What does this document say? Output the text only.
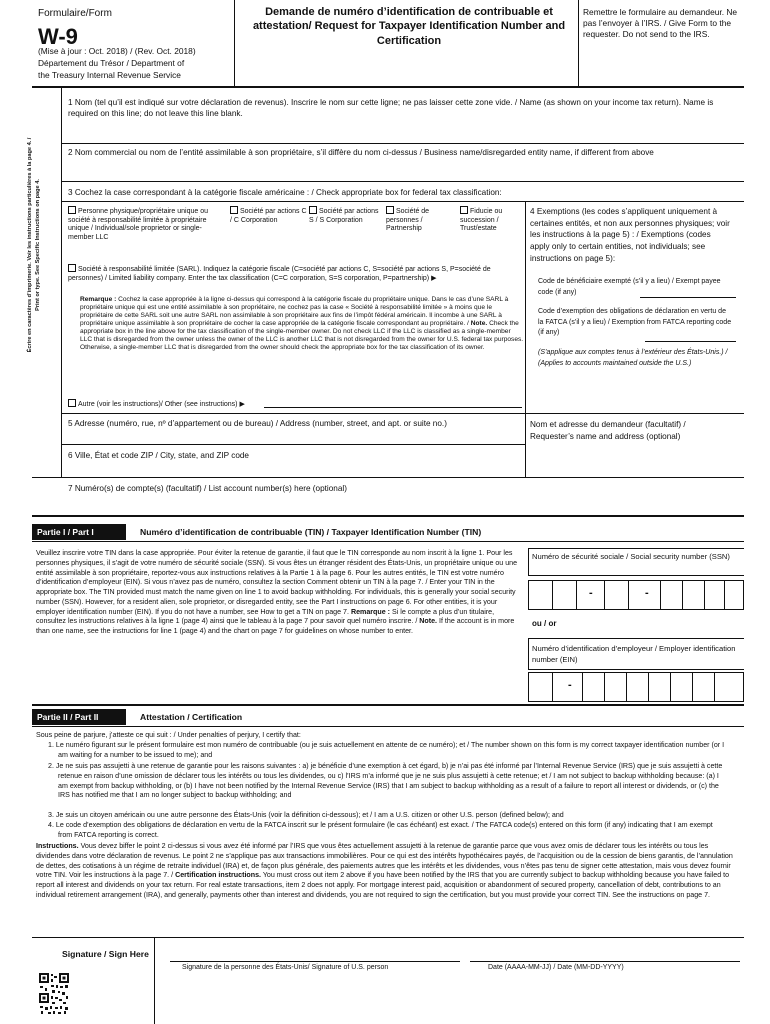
Formulaire/Form
W-9
(Mise à jour : Oct. 2018) / (Rev. Oct. 2018)
Département du Trésor / Department of
the Treasury Internal Revenue Service
Demande de numéro d’identification de contribuable et attestation/ Request for Taxpayer Identification Number and Certification
Remettre le formulaire au demandeur. Ne pas l’envoyer à l’IRS. / Give Form to the requester. Do not send to the IRS.
Écrire en caractères d’imprimerie. Voir les instructions particulières à la page 4. / Print or type. See Specific Instructions on page 4.
1 Nom (tel qu’il est indiqué sur votre déclaration de revenus). Inscrire le nom sur cette ligne; ne pas laisser cette zone vide. / Name (as shown on your income tax return). Name is required on this line; do not leave this line blank.
2 Nom commercial ou nom de l’entité assimilable à son propriétaire, s’il diffère du nom ci-dessus / Business name/disregarded entity name, if different from above
3 Cochez la case correspondant à la catégorie fiscale américaine : / Check appropriate box for federal tax classification:
Personne physique/propriétaire unique ou société à responsabilité limitée à propriétaire unique / Individual/sole proprietor or single-member LLC
Société par actions C / C Corporation
Société par actions S / S Corporation
Société de personnes / Partnership
Fiducie ou succession / Trust/estate
Société à responsabilité limitée (SARL). Indiquez la catégorie fiscale (C=société par actions C, S=société par actions S, P=société de personnes) / Limited liability company. Enter the tax classification (C=C corporation, S=S corporation, P=partnership) ▶
Remarque : Cochez la case appropriée à la ligne ci-dessus qui correspond à la catégorie fiscale du propriétaire unique. Dans le cas d’une SARL à propriétaire unique qui est une entité assimilable à son propriétaire, ne cochez pas la case « Société à responsabilité limitée » à moins que le propriétaire de cette SARL soit une autre SARL non assimilable à son propriétaire aux fins de l’impôt fédéral américain. Il incombe à une SARL à propriétaire unique assimilable à son propriétaire de cocher la case appropriée de la catégorie fiscale correspondant au propriétaire. / Note. Check the appropriate box in the line above for the tax classification of the single-member owner. Do not check LLC if the LLC is classified as a single-member LLC that is disregarded from the owner unless the owner of the LLC is another LLC that is not disregarded from the owner for U.S. federal tax purposes. Otherwise, a single-member LLC that is disregarded from the owner should check the appropriate box for the tax classification of its owner.
Autre (voir les instructions)/ Other (see instructions) ▶
4 Exemptions (les codes s’appliquent uniquement à certaines entités, et non aux personnes physiques; voir les instructions à la page 5) : / Exemptions (codes apply only to certain entities, not individuals; see instructions on page 5):
Code de bénéficiaire exempté (s’il y a lieu) / Exempt payee code (if any)
Code d’exemption des obligations de déclaration en vertu de la FATCA (s’il y a lieu) / Exemption from FATCA reporting code (if any)
(S’applique aux comptes tenus à l’extérieur des États-Unis.) / (Applies to accounts maintained outside the U.S.)
5 Adresse (numéro, rue, nº d’appartement ou de bureau) / Address (number, street, and apt. or suite no.)	Nom et adresse du demandeur (facultatif) / Requester’s name and address (optional)
6 Ville, État et code ZIP / City, state, and ZIP code
7 Numéro(s) de compte(s) (facultatif) / List account number(s) here (optional)
Partie I / Part I	Numéro d’identification de contribuable (TIN) / Taxpayer Identification Number (TIN)
Veuillez inscrire votre TIN dans la case appropriée. Pour éviter la retenue de garantie, il faut que le TIN corresponde au nom inscrit à la ligne 1. Pour les personnes physiques, il s’agit de votre numéro de sécurité sociale (SSN). Si vous êtes un étranger résident des États-Unis, un propriétaire unique ou une entité assimilable à son propriétaire, reportez-vous aux instructions relatives à la Partie 1 à la page 6. Pour les autres entités, le TIN est votre numéro d’identification d’employeur (EIN). Si vous n’avez pas de numéro, consultez la section Comment obtenir un TIN à la page 7. / Enter your TIN in the appropriate box. The TIN provided must match the name given on line 1 to avoid backup withholding. For individuals, this is generally your social security number (SSN). However, for a resident alien, sole proprietor, or disregarded entity, see the Part I instructions on page 6. For other entities, it is your employer identification number (EIN). If you do not have a number, see How to get a TIN on page 7. Remarque : Si le compte a plus d’un titulaire, consultez les instructions relatives à la ligne 1 (page 4) ainsi que le tableau à la page 7 pour savoir quel numéro inscrire. / Note. If the account is in more than one name, see the instructions for line 1 (page 4) and the chart on page 7 for guidelines on whose number to enter.
Numéro de sécurité sociale / Social security number (SSN)
-	-
ou / or
Numéro d’identification d’employeur / Employer identification number (EIN)
-
Partie II / Part II	Attestation / Certification
Sous peine de parjure, j’atteste ce qui suit : / Under penalties of perjury, I certify that:
1. Le numéro figurant sur le présent formulaire est mon numéro de contribuable (ou je suis actuellement en attente de ce numéro); et / The number shown on this form is my correct taxpayer identification number (or I am waiting for a number to be issued to me); and
2. Je ne suis pas assujetti à une retenue de garantie pour les raisons suivantes : a) je bénéficie d’une exemption à cet égard, b) je n’ai pas été informé par l’Internal Revenue Service (IRS) que je suis assujetti à cette retenue en raison d’une omission de déclarer tous les intérêts ou tous les dividendes, ou c) l’IRS m’a informé que je ne suis plus assujetti à cette retenue; et / I am not subject to backup withholding because: (a) I am exempt from backup withholding, or (b) I have not been notified by the Internal Revenue Service (IRS) that I am subject to backup withholding as a result of a failure to report all interest or dividends, or (c) the IRS has notified me that I am no longer subject to backup withholding; and
3. Je suis un citoyen américain ou une autre personne des États-Unis (voir la définition ci-dessous); et / I am a U.S. citizen or other U.S. person (defined below); and
4. Le code d’exemption des obligations de déclaration en vertu de la FATCA inscrit sur le présent formulaire (le cas échéant) est exact. / The FATCA code(s) entered on this form (if any) indicating that I am exempt from FATCA reporting is correct.
Instructions. Vous devez biffer le point 2 ci-dessus si vous avez été informé par l’IRS que vous êtes actuellement assujetti à la retenue de garantie parce que vous avez omis de déclarer tous les intérêts ou tous les dividendes dans votre déclaration de revenus. Le point 2 ne s’applique pas aux transactions immobilières. Pour ce qui est des intérêts hypothécaires payés, de l’acquisition ou de la cession de biens garantis, de l’annulation de dettes, des cotisations à un régime de retraite individuel (IRA) et, de façon plus générale, des paiements autres que les intérêts et les dividendes, vous n’êtes pas tenu de signer cette attestation, mais vous devez fournir votre TIN. Voir les instructions à la page 7. / Certification instructions. You must cross out item 2 above if you have been notified by the IRS that you are currently subject to backup withholding because you have failed to report all interest and dividends on your tax return. For real estate transactions, item 2 does not apply. For mortgage interest paid, acquisition or abandonment of secured property, cancellation of debt, contributions to an individual retirement arrangement (IRA), and generally, payments other than interest and dividends, you are not required to sign the certification, but you must provide your correct TIN. See the instructions on page 7.
Signature / Sign Here
Signature de la personne des États-Unis/ Signature of U.S. person	Date (AAAA-MM-JJ) / Date (MM-DD-YYYY)
